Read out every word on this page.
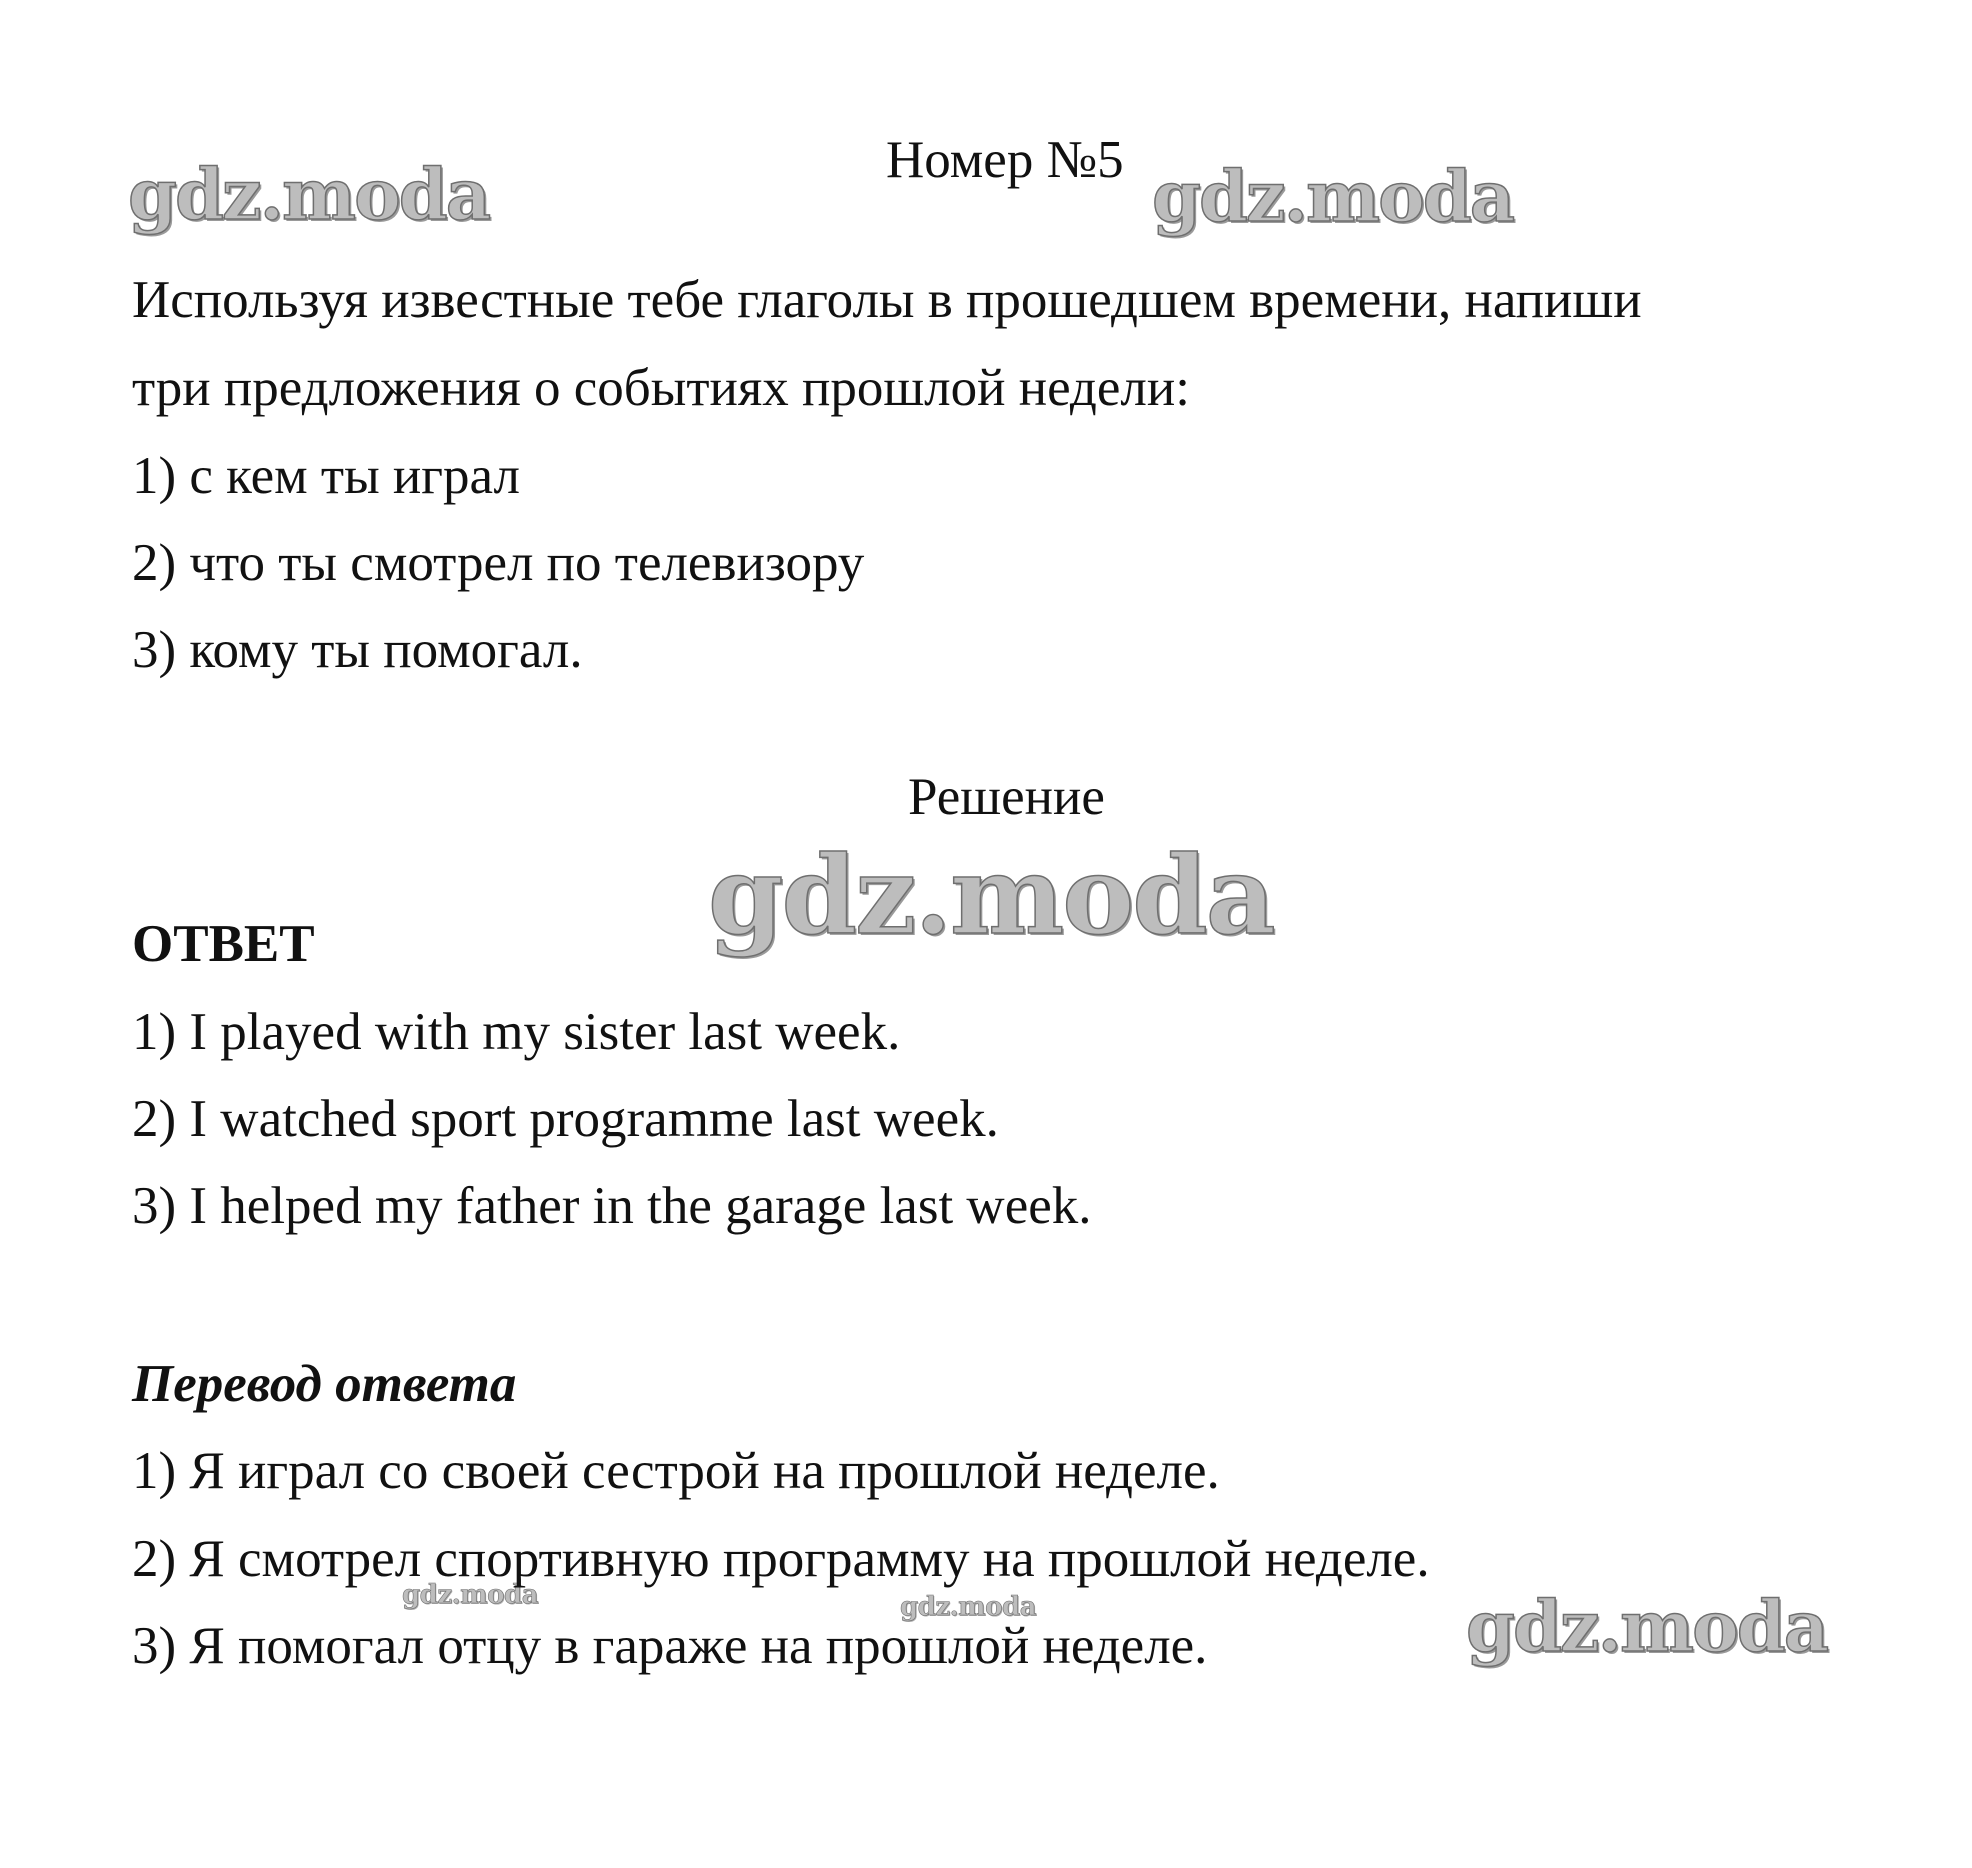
gdz.moda	gdz.moda
gdz.moda
gdz.moda	gdz.moda	gdz.moda
Номер №5
Используя известные тебе глаголы в прошедшем времени, напиши
три предложения о событиях прошлой недели:
1) с кем ты играл
2) что ты смотрел по телевизору
3) кому ты помогал.
Решение
ОТВЕТ
1) I played with my sister last week.
2) I watched sport programme last week.
3) I helped my father in the garage last week.
Перевод ответа
1) Я играл со своей сестрой на прошлой неделе.
2) Я смотрел спортивную программу на прошлой неделе.
3) Я помогал отцу в гараже на прошлой неделе.
